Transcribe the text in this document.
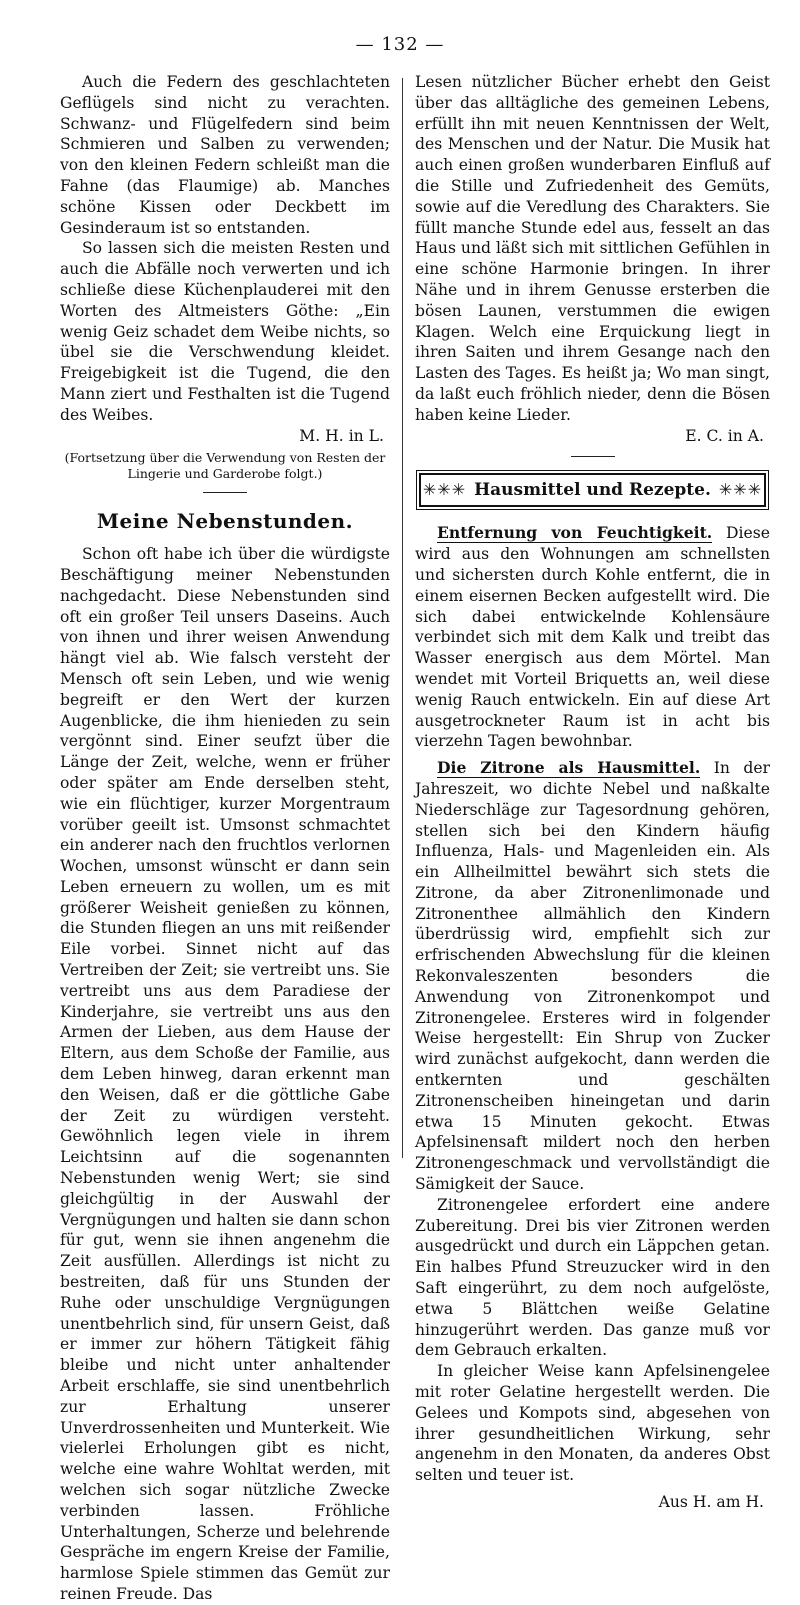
— 132 —

Auch die Federn des geschlachteten Geflügels sind nicht zu verachten. Schwanz- und Flügelfedern sind beim Schmieren und Salben zu verwenden; von den kleinen Federn schleißt man die Fahne (das Flaumige) ab. Manches schöne Kissen oder Deckbett im Gesinderaum ist so entstanden.

So lassen sich die meisten Resten und auch die Abfälle noch verwerten und ich schließe diese Küchenplauderei mit den Worten des Altmeisters Göthe: „Ein wenig Geiz schadet dem Weibe nichts, so übel sie die Verschwendung kleidet. Freigebigkeit ist die Tugend, die den Mann ziert und Festhalten ist die Tugend des Weibes.

M. H. in L.

(Fortsetzung über die Verwendung von Resten der Lingerie und Garderobe folgt.)

Meine Nebenstunden.

Schon oft habe ich über die würdigste Beschäftigung meiner Nebenstunden nachgedacht. Diese Nebenstunden sind oft ein großer Teil unsers Daseins. Auch von ihnen und ihrer weisen Anwendung hängt viel ab. Wie falsch versteht der Mensch oft sein Leben, und wie wenig begreift er den Wert der kurzen Augenblicke, die ihm hienieden zu sein vergönnt sind. Einer seufzt über die Länge der Zeit, welche, wenn er früher oder später am Ende derselben steht, wie ein flüchtiger, kurzer Morgentraum vorüber geeilt ist. Umsonst schmachtet ein anderer nach den fruchtlos verlornen Wochen, umsonst wünscht er dann sein Leben erneuern zu wollen, um es mit größerer Weisheit genießen zu können, die Stunden fliegen an uns mit reißender Eile vorbei. Sinnet nicht auf das Vertreiben der Zeit; sie vertreibt uns. Sie vertreibt uns aus dem Paradiese der Kinderjahre, sie vertreibt uns aus den Armen der Lieben, aus dem Hause der Eltern, aus dem Schoße der Familie, aus dem Leben hinweg, daran erkennt man den Weisen, daß er die göttliche Gabe der Zeit zu würdigen versteht. Gewöhnlich legen viele in ihrem Leichtsinn auf die sogenannten Nebenstunden wenig Wert; sie sind gleichgültig in der Auswahl der Vergnügungen und halten sie dann schon für gut, wenn sie ihnen angenehm die Zeit ausfüllen. Allerdings ist nicht zu bestreiten, daß für uns Stunden der Ruhe oder unschuldige Vergnügungen unentbehrlich sind, für unsern Geist, daß er immer zur höhern Tätigkeit fähig bleibe und nicht unter anhaltender Arbeit erschlaffe, sie sind unentbehrlich zur Erhaltung unserer Unverdrossenheiten und Munterkeit. Wie vielerlei Erholungen gibt es nicht, welche eine wahre Wohltat werden, mit welchen sich sogar nützliche Zwecke verbinden lassen. Fröhliche Unterhaltungen, Scherze und belehrende Gespräche im engern Kreise der Familie, harmlose Spiele stimmen das Gemüt zur reinen Freude. Das

Lesen nützlicher Bücher erhebt den Geist über das alltägliche des gemeinen Lebens, erfüllt ihn mit neuen Kenntnissen der Welt, des Menschen und der Natur. Die Musik hat auch einen großen wunderbaren Einfluß auf die Stille und Zufriedenheit des Gemüts, sowie auf die Veredlung des Charakters. Sie füllt manche Stunde edel aus, fesselt an das Haus und läßt sich mit sittlichen Gefühlen in eine schöne Harmonie bringen. In ihrer Nähe und in ihrem Genusse ersterben die bösen Launen, verstummen die ewigen Klagen. Welch eine Erquickung liegt in ihren Saiten und ihrem Gesange nach den Lasten des Tages. Es heißt ja; Wo man singt, da laßt euch fröhlich nieder, denn die Bösen haben keine Lieder.

E. C. in A.

✳✳✳ Hausmittel und Rezepte. ✳✳✳

Entfernung von Feuchtigkeit. Diese wird aus den Wohnungen am schnellsten und sichersten durch Kohle entfernt, die in einem eisernen Becken aufgestellt wird. Die sich dabei entwickelnde Kohlensäure verbindet sich mit dem Kalk und treibt das Wasser energisch aus dem Mörtel. Man wendet mit Vorteil Briquetts an, weil diese wenig Rauch entwickeln. Ein auf diese Art ausgetrockneter Raum ist in acht bis vierzehn Tagen bewohnbar.

Die Zitrone als Hausmittel. In der Jahreszeit, wo dichte Nebel und naßkalte Niederschläge zur Tagesordnung gehören, stellen sich bei den Kindern häufig Influenza, Hals- und Magenleiden ein. Als ein Allheilmittel bewährt sich stets die Zitrone, da aber Zitronenlimonade und Zitronenthee allmählich den Kindern überdrüssig wird, empfiehlt sich zur erfrischenden Abwechslung für die kleinen Rekonvaleszenten besonders die Anwendung von Zitronenkompot und Zitronengelee. Ersteres wird in folgender Weise hergestellt: Ein Shrup von Zucker wird zunächst aufgekocht, dann werden die entkernten und geschälten Zitronenscheiben hineingetan und darin etwa 15 Minuten gekocht. Etwas Apfelsinensaft mildert noch den herben Zitronengeschmack und vervollständigt die Sämigkeit der Sauce.

Zitronengelee erfordert eine andere Zubereitung. Drei bis vier Zitronen werden ausgedrückt und durch ein Läppchen getan. Ein halbes Pfund Streuzucker wird in den Saft eingerührt, zu dem noch aufgelöste, etwa 5 Blättchen weiße Gelatine hinzugerührt werden. Das ganze muß vor dem Gebrauch erkalten.

In gleicher Weise kann Apfelsinengelee mit roter Gelatine hergestellt werden. Die Gelees und Kompots sind, abgesehen von ihrer gesundheitlichen Wirkung, sehr angenehm in den Monaten, da anderes Obst selten und teuer ist.

Aus H. am H.
